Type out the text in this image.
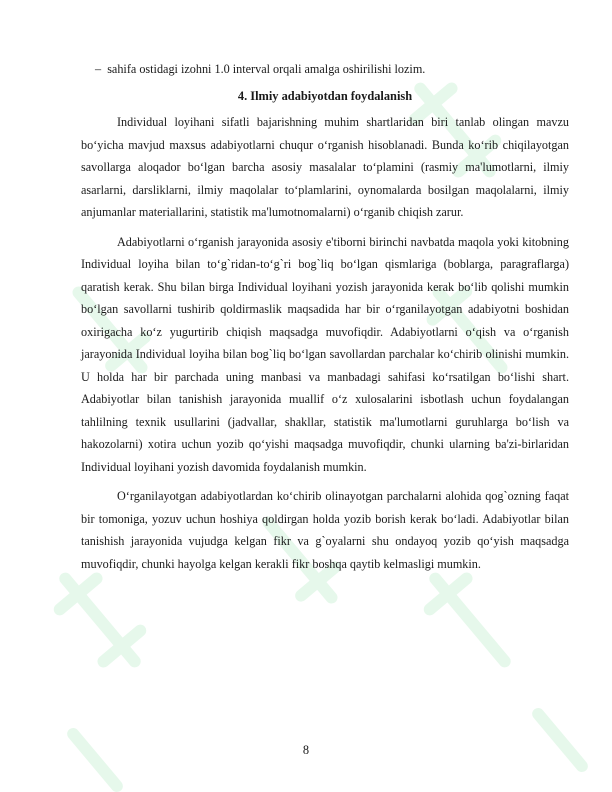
– sahifa ostidagi izohni 1.0 interval orqali amalga oshirilishi lozim.

4. Ilmiy adabiyotdan foydalanish

Individual loyihani sifatli bajarishning muhim shartlaridan biri tanlab olingan mavzu bo‘yicha mavjud maxsus adabiyotlarni chuqur o‘rganish hisoblanadi. Bunda ko‘rib chiqilayotgan savollarga aloqador bo‘lgan barcha asosiy masalalar to‘plamini (rasmiy ma'lumotlarni, ilmiy asarlarni, darsliklarni, ilmiy maqolalar to‘plamlarini, oynomalarda bosilgan maqolalarni, ilmiy anjumanlar materiallarini, statistik ma'lumotnomalarni) o‘rganib chiqish zarur.

Adabiyotlarni o‘rganish jarayonida asosiy e'tiborni birinchi navbatda maqola yoki kitobning Individual loyiha bilan to‘g`ridan-to‘g`ri bog`liq bo‘lgan qismlariga (boblarga, paragraflarga) qaratish kerak. Shu bilan birga Individual loyihani yozish jarayonida kerak bo‘lib qolishi mumkin bo‘lgan savollarni tushirib qoldirmaslik maqsadida har bir o‘rganilayotgan adabiyotni boshidan oxirigacha ko‘z yugurtirib chiqish maqsadga muvofiqdir. Adabiyotlarni o‘qish va o‘rganish jarayonida Individual loyiha bilan bog`liq bo‘lgan savollardan parchalar ko‘chirib olinishi mumkin. U holda har bir parchada uning manbasi va manbadagi sahifasi ko‘rsatilgan bo‘lishi shart. Adabiyotlar bilan tanishish jarayonida muallif o‘z xulosalarini isbotlash uchun foydalangan tahlilning texnik usullarini (jadvallar, shakllar, statistik ma'lumotlarni guruhlarga bo‘lish va hakozolarni) xotira uchun yozib qo‘yishi maqsadga muvofiqdir, chunki ularning ba'zi-birlaridan Individual loyihani yozish davomida foydalanish mumkin.

O‘rganilayotgan adabiyotlardan ko‘chirib olinayotgan parchalarni alohida qog`ozning faqat bir tomoniga, yozuv uchun hoshiya qoldirgan holda yozib borish kerak bo‘ladi. Adabiyotlar bilan tanishish jarayonida vujudga kelgan fikr va g`oyalarni shu ondayoq yozib qo‘yish maqsadga muvofiqdir, chunki hayolga kelgan kerakli fikr boshqa qaytib kelmasligi mumkin.

8
